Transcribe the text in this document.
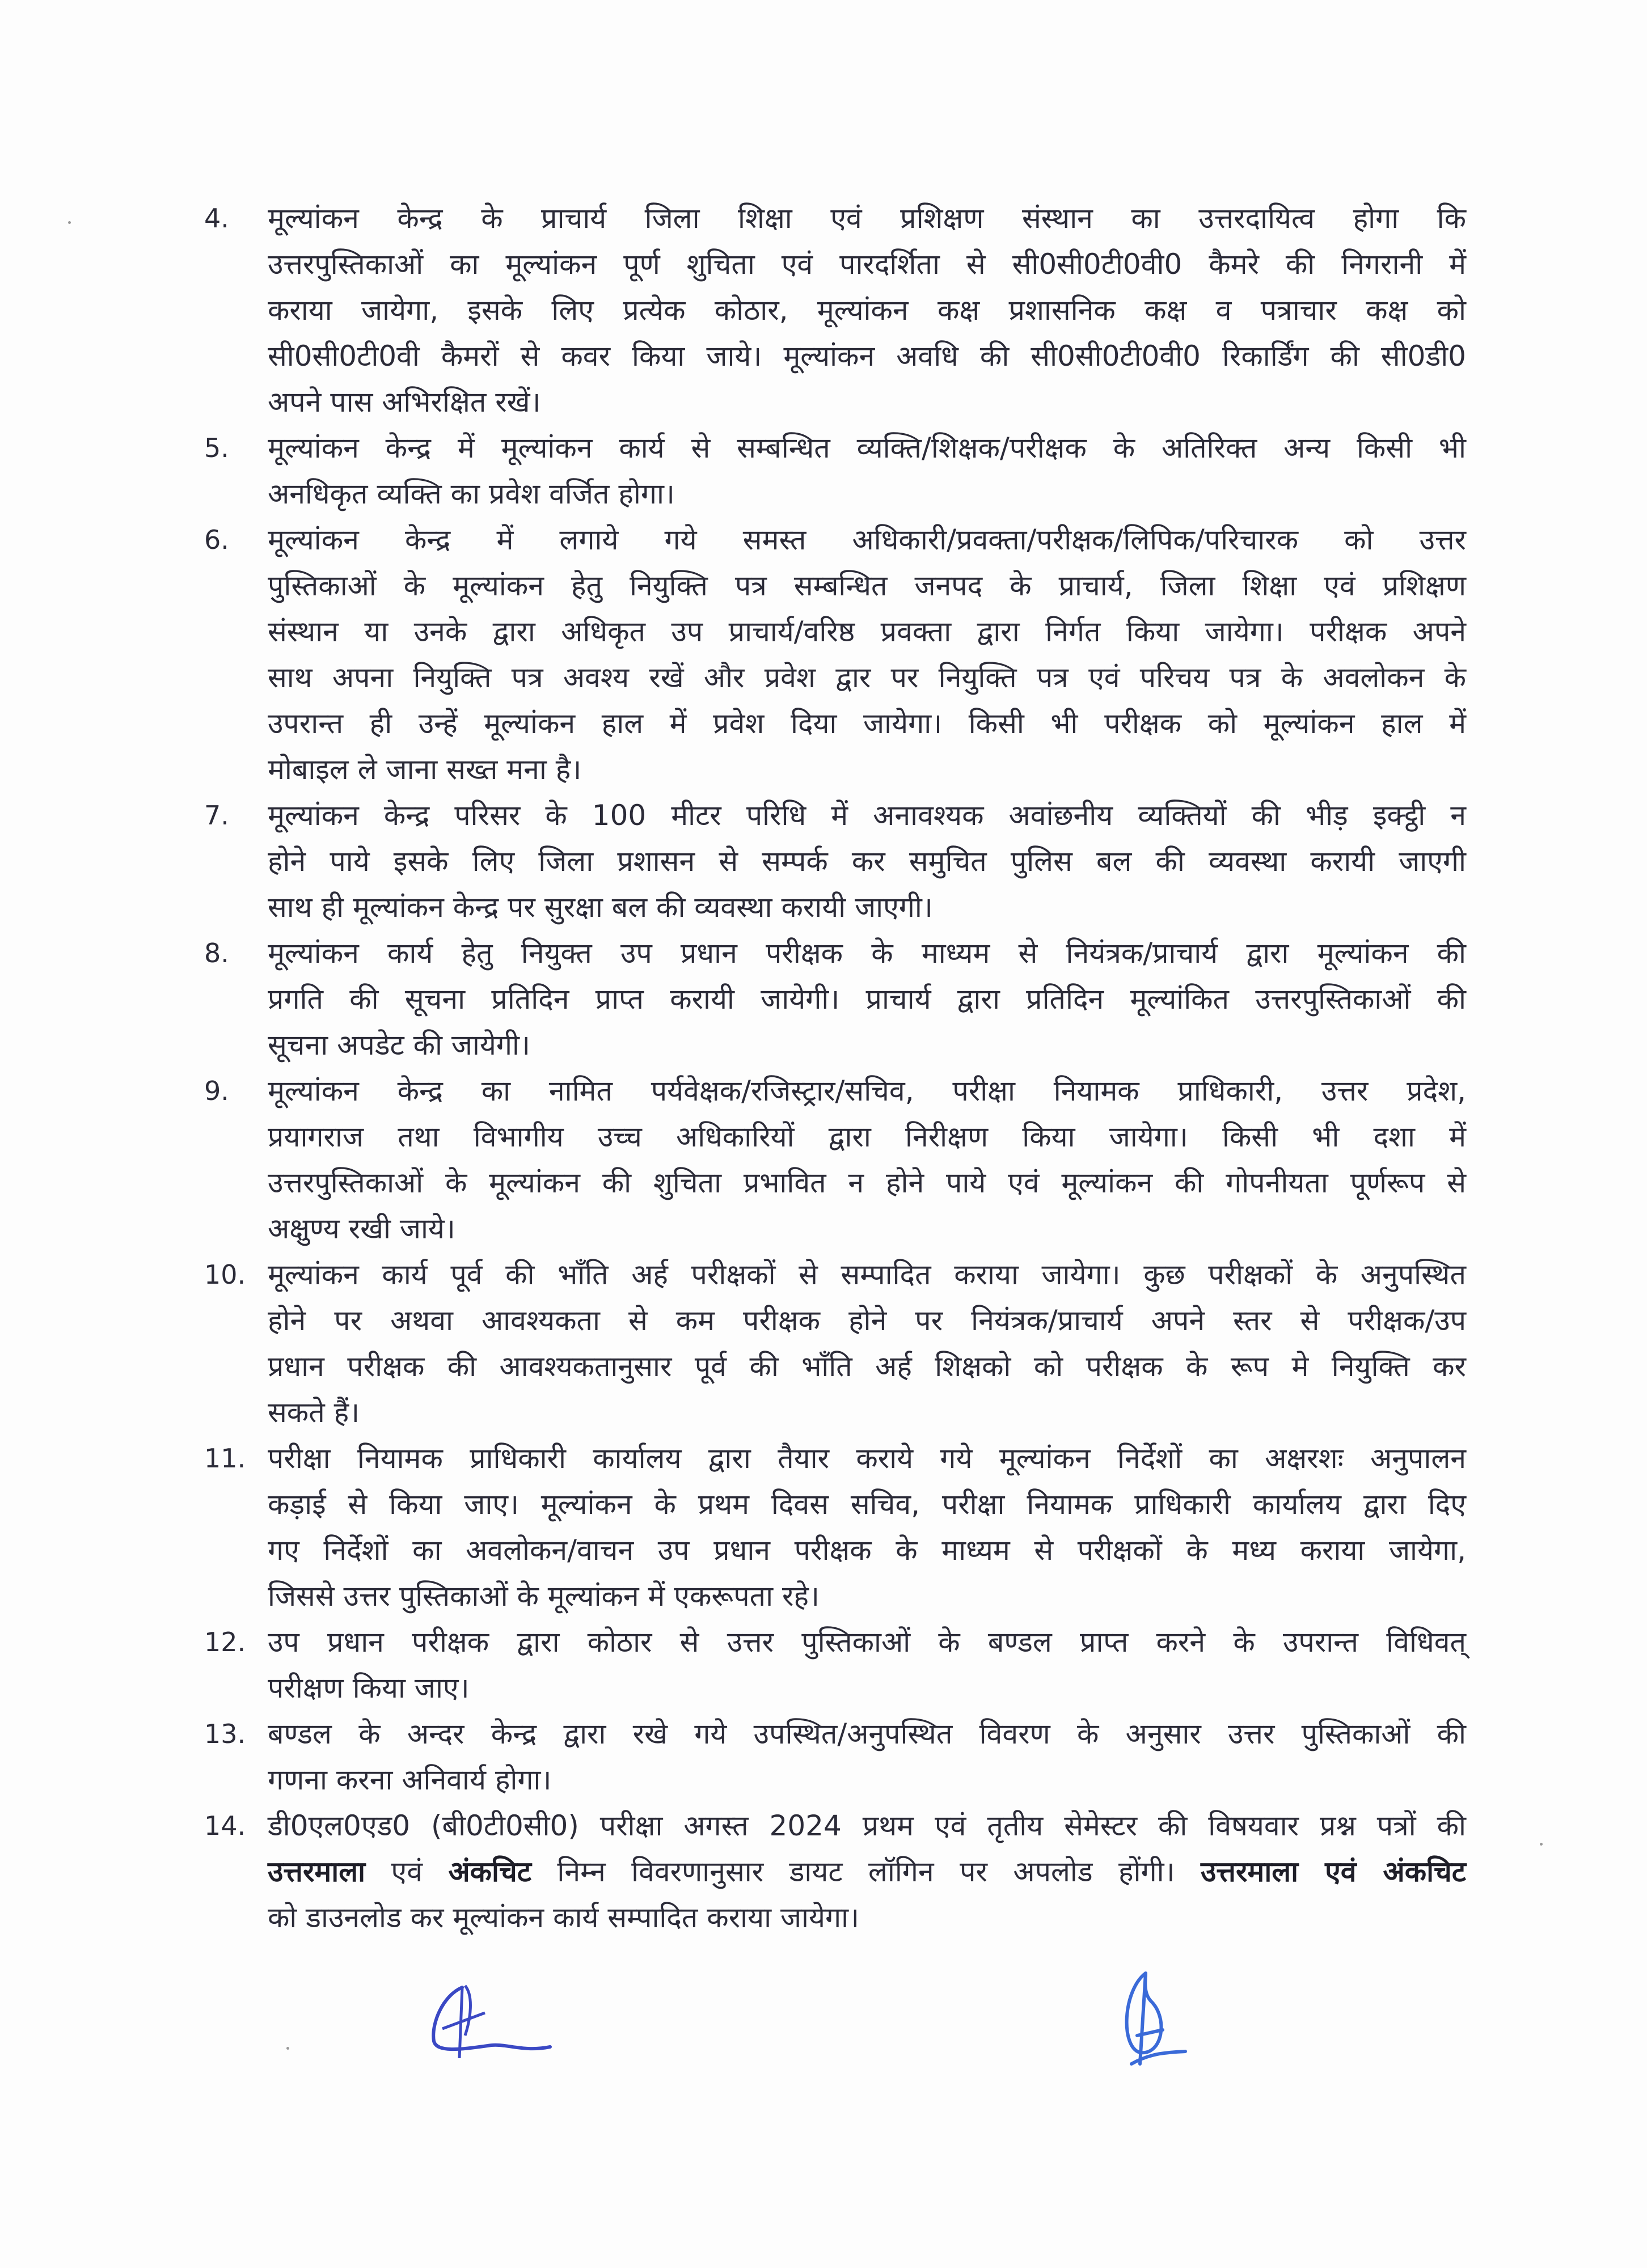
4.	मूल्यांकन केन्द्र के प्राचार्य जिला शिक्षा एवं प्रशिक्षण संस्थान का उत्तरदायित्व होगा कि
उत्तरपुस्तिकाओं का मूल्यांकन पूर्ण शुचिता एवं पारदर्शिता से सी0सी0टी0वी0 कैमरे की निगरानी में
कराया जायेगा, इसके लिए प्रत्येक कोठार, मूल्यांकन कक्ष प्रशासनिक कक्ष व पत्राचार कक्ष को
सी0सी0टी0वी कैमरों से कवर किया जाये। मूल्यांकन अवधि की सी0सी0टी0वी0 रिकार्डिंग की सी0डी0
अपने पास अभिरक्षित रखें।
5.	मूल्यांकन केन्द्र में मूल्यांकन कार्य से सम्बन्धित व्यक्ति/शिक्षक/परीक्षक के अतिरिक्त अन्य किसी भी
अनधिकृत व्यक्ति का प्रवेश वर्जित होगा।
6.	मूल्यांकन केन्द्र में लगाये गये समस्त अधिकारी/प्रवक्ता/परीक्षक/लिपिक/परिचारक को उत्तर
पुस्तिकाओं के मूल्यांकन हेतु नियुक्ति पत्र सम्बन्धित जनपद के प्राचार्य, जिला शिक्षा एवं प्रशिक्षण
संस्थान या उनके द्वारा अधिकृत उप प्राचार्य/वरिष्ठ प्रवक्ता द्वारा निर्गत किया जायेगा। परीक्षक अपने
साथ अपना नियुक्ति पत्र अवश्य रखें और प्रवेश द्वार पर नियुक्ति पत्र एवं परिचय पत्र के अवलोकन के
उपरान्त ही उन्हें मूल्यांकन हाल में प्रवेश दिया जायेगा। किसी भी परीक्षक को मूल्यांकन हाल में
मोबाइल ले जाना सख्त मना है।
7.	मूल्यांकन केन्द्र परिसर के 100 मीटर परिधि में अनावश्यक अवांछनीय व्यक्तियों की भीड़ इक्ट्ठी न
होने पाये इसके लिए जिला प्रशासन से सम्पर्क कर समुचित पुलिस बल की व्यवस्था करायी जाएगी
साथ ही मूल्यांकन केन्द्र पर सुरक्षा बल की व्यवस्था करायी जाएगी।
8.	मूल्यांकन कार्य हेतु नियुक्त उप प्रधान परीक्षक के माध्यम से नियंत्रक/प्राचार्य द्वारा मूल्यांकन की
प्रगति की सूचना प्रतिदिन प्राप्त करायी जायेगी। प्राचार्य द्वारा प्रतिदिन मूल्यांकित उत्तरपुस्तिकाओं की
सूचना अपडेट की जायेगी।
9.	मूल्यांकन केन्द्र का नामित पर्यवेक्षक/रजिस्ट्रार/सचिव, परीक्षा नियामक प्राधिकारी, उत्तर प्रदेश,
प्रयागराज तथा विभागीय उच्च अधिकारियों द्वारा निरीक्षण किया जायेगा। किसी भी दशा में
उत्तरपुस्तिकाओं के मूल्यांकन की शुचिता प्रभावित न होने पाये एवं मूल्यांकन की गोपनीयता पूर्णरूप से
अक्षुण्य रखी जाये।
10. मूल्यांकन कार्य पूर्व की भाँति अर्ह परीक्षकों से सम्पादित कराया जायेगा। कुछ परीक्षकों के अनुपस्थित
होने पर अथवा आवश्यकता से कम परीक्षक होने पर नियंत्रक/प्राचार्य अपने स्तर से परीक्षक/उप
प्रधान परीक्षक की आवश्यकतानुसार पूर्व की भाँति अर्ह शिक्षको को परीक्षक के रूप मे नियुक्ति कर
सकते हैं।
11. परीक्षा नियामक प्राधिकारी कार्यालय द्वारा तैयार कराये गये मूल्यांकन निर्देशों का अक्षरशः अनुपालन
कड़ाई से किया जाए। मूल्यांकन के प्रथम दिवस सचिव, परीक्षा नियामक प्राधिकारी कार्यालय द्वारा दिए
गए निर्देशों का अवलोकन/वाचन उप प्रधान परीक्षक के माध्यम से परीक्षकों के मध्य कराया जायेगा,
जिससे उत्तर पुस्तिकाओं के मूल्यांकन में एकरूपता रहे।
12. उप प्रधान परीक्षक द्वारा कोठार से उत्तर पुस्तिकाओं के बण्डल प्राप्त करने के उपरान्त विधिवत्
परीक्षण किया जाए।
13. बण्डल के अन्दर केन्द्र द्वारा रखे गये उपस्थित/अनुपस्थित विवरण के अनुसार उत्तर पुस्तिकाओं की
गणना करना अनिवार्य होगा।
14. डी0एल0एड0 (बी0टी0सी0) परीक्षा अगस्त 2024 प्रथम एवं तृतीय सेमेस्टर की विषयवार प्रश्न पत्रों की
उत्तरमाला एवं अंकचिट निम्न विवरणानुसार डायट लॉगिन पर अपलोड होंगी। उत्तरमाला एवं अंकचिट
को डाउनलोड कर मूल्यांकन कार्य सम्पादित कराया जायेगा।
